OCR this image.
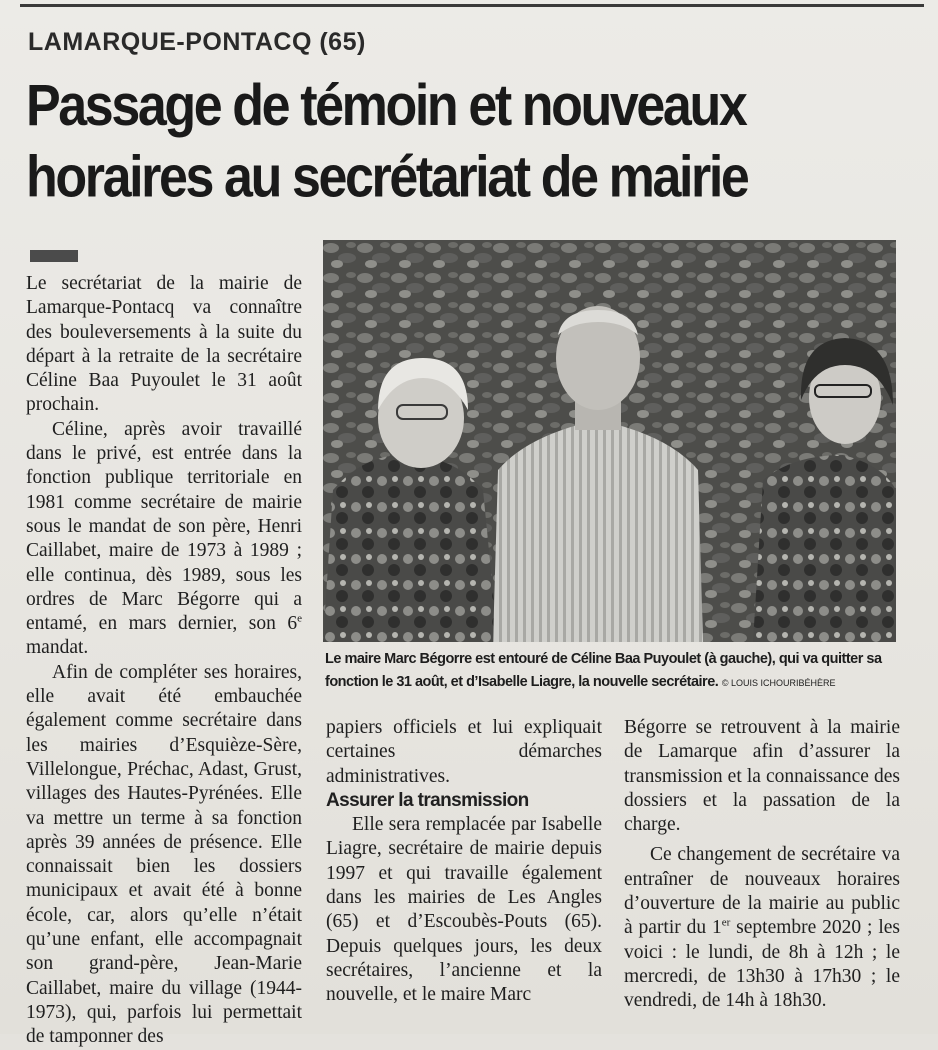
LAMARQUE-PONTACQ (65)
Passage de témoin et nouveaux
horaires au secrétariat de mairie

Le secrétariat de la mairie de Lamarque-Pontacq va connaître des bouleversements à la suite du départ à la retraite de la secrétaire Céline Baa Puyoulet le 31 août prochain.

Céline, après avoir travaillé dans le privé, est entrée dans la fonction publique territoriale en 1981 comme secrétaire de mairie sous le mandat de son père, Henri Caillabet, maire de 1973 à 1989 ; elle continua, dès 1989, sous les ordres de Marc Bégorre qui a entamé, en mars dernier, son 6e mandat.

Afin de compléter ses horaires, elle avait été embauchée également comme secrétaire dans les mairies d’Esquièze-Sère, Villelongue, Préchac, Adast, Grust, villages des Hautes-Pyrénées. Elle va mettre un terme à sa fonction après 39 années de présence. Elle connaissait bien les dossiers municipaux et avait été à bonne école, car, alors qu’elle n’était qu’une enfant, elle accompagnait son grand-père, Jean-Marie Caillabet, maire du village (1944-1973), qui, parfois lui permettait de tamponner des

Le maire Marc Bégorre est entouré de Céline Baa Puyoulet (à gauche), qui va quitter sa fonction le 31 août, et d’Isabelle Liagre, la nouvelle secrétaire. © LOUIS ICHOURIBÉHÈRE

papiers officiels et lui expliquait certaines démarches administratives.

Assurer la transmission

Elle sera remplacée par Isabelle Liagre, secrétaire de mairie depuis 1997 et qui travaille également dans les mairies de Les Angles (65) et d’Escoubès-Pouts (65). Depuis quelques jours, les deux secrétaires, l’ancienne et la nouvelle, et le maire Marc

Bégorre se retrouvent à la mairie de Lamarque afin d’assurer la transmission et la connaissance des dossiers et la passation de la charge.

Ce changement de secrétaire va entraîner de nouveaux horaires d’ouverture de la mairie au public à partir du 1er septembre 2020 ; les voici : le lundi, de 8h à 12h ; le mercredi, de 13h30 à 17h30 ; le vendredi, de 14h à 18h30.
